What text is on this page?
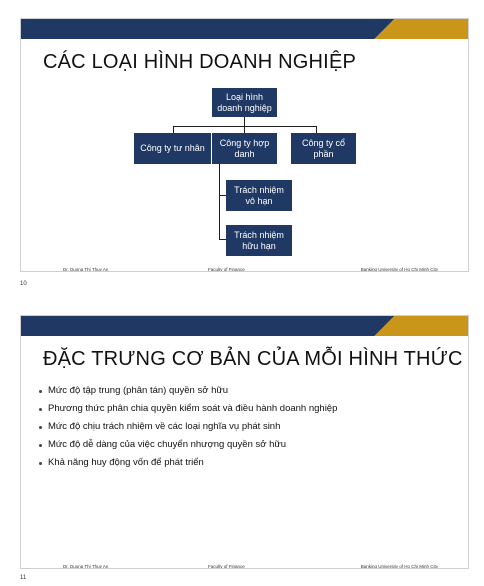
CÁC LOẠI HÌNH DOANH NGHIỆP
Loại hình doanh nghiệp
Công ty tư nhân
Công ty hợp danh
Công ty cổ phần
Trách nhiệm vô hạn
Trách nhiệm hữu hạn
Dr. Duong Thi Thuy An	Faculty of Finance	Banking University of Ho Chi Minh City
10
ĐẶC TRƯNG CƠ BẢN CỦA MỖI HÌNH THỨC
Mức độ tập trung (phân tán) quyền sở hữu
Phương thức phân chia quyền kiểm soát và điều hành doanh nghiệp
Mức độ chịu trách nhiệm về các loại nghĩa vụ phát sinh
Mức độ dễ dàng của việc chuyển nhượng quyền sở hữu
Khả năng huy động vốn để phát triển
Dr. Duong Thi Thuy An	Faculty of Finance	Banking University of Ho Chi Minh City
11
